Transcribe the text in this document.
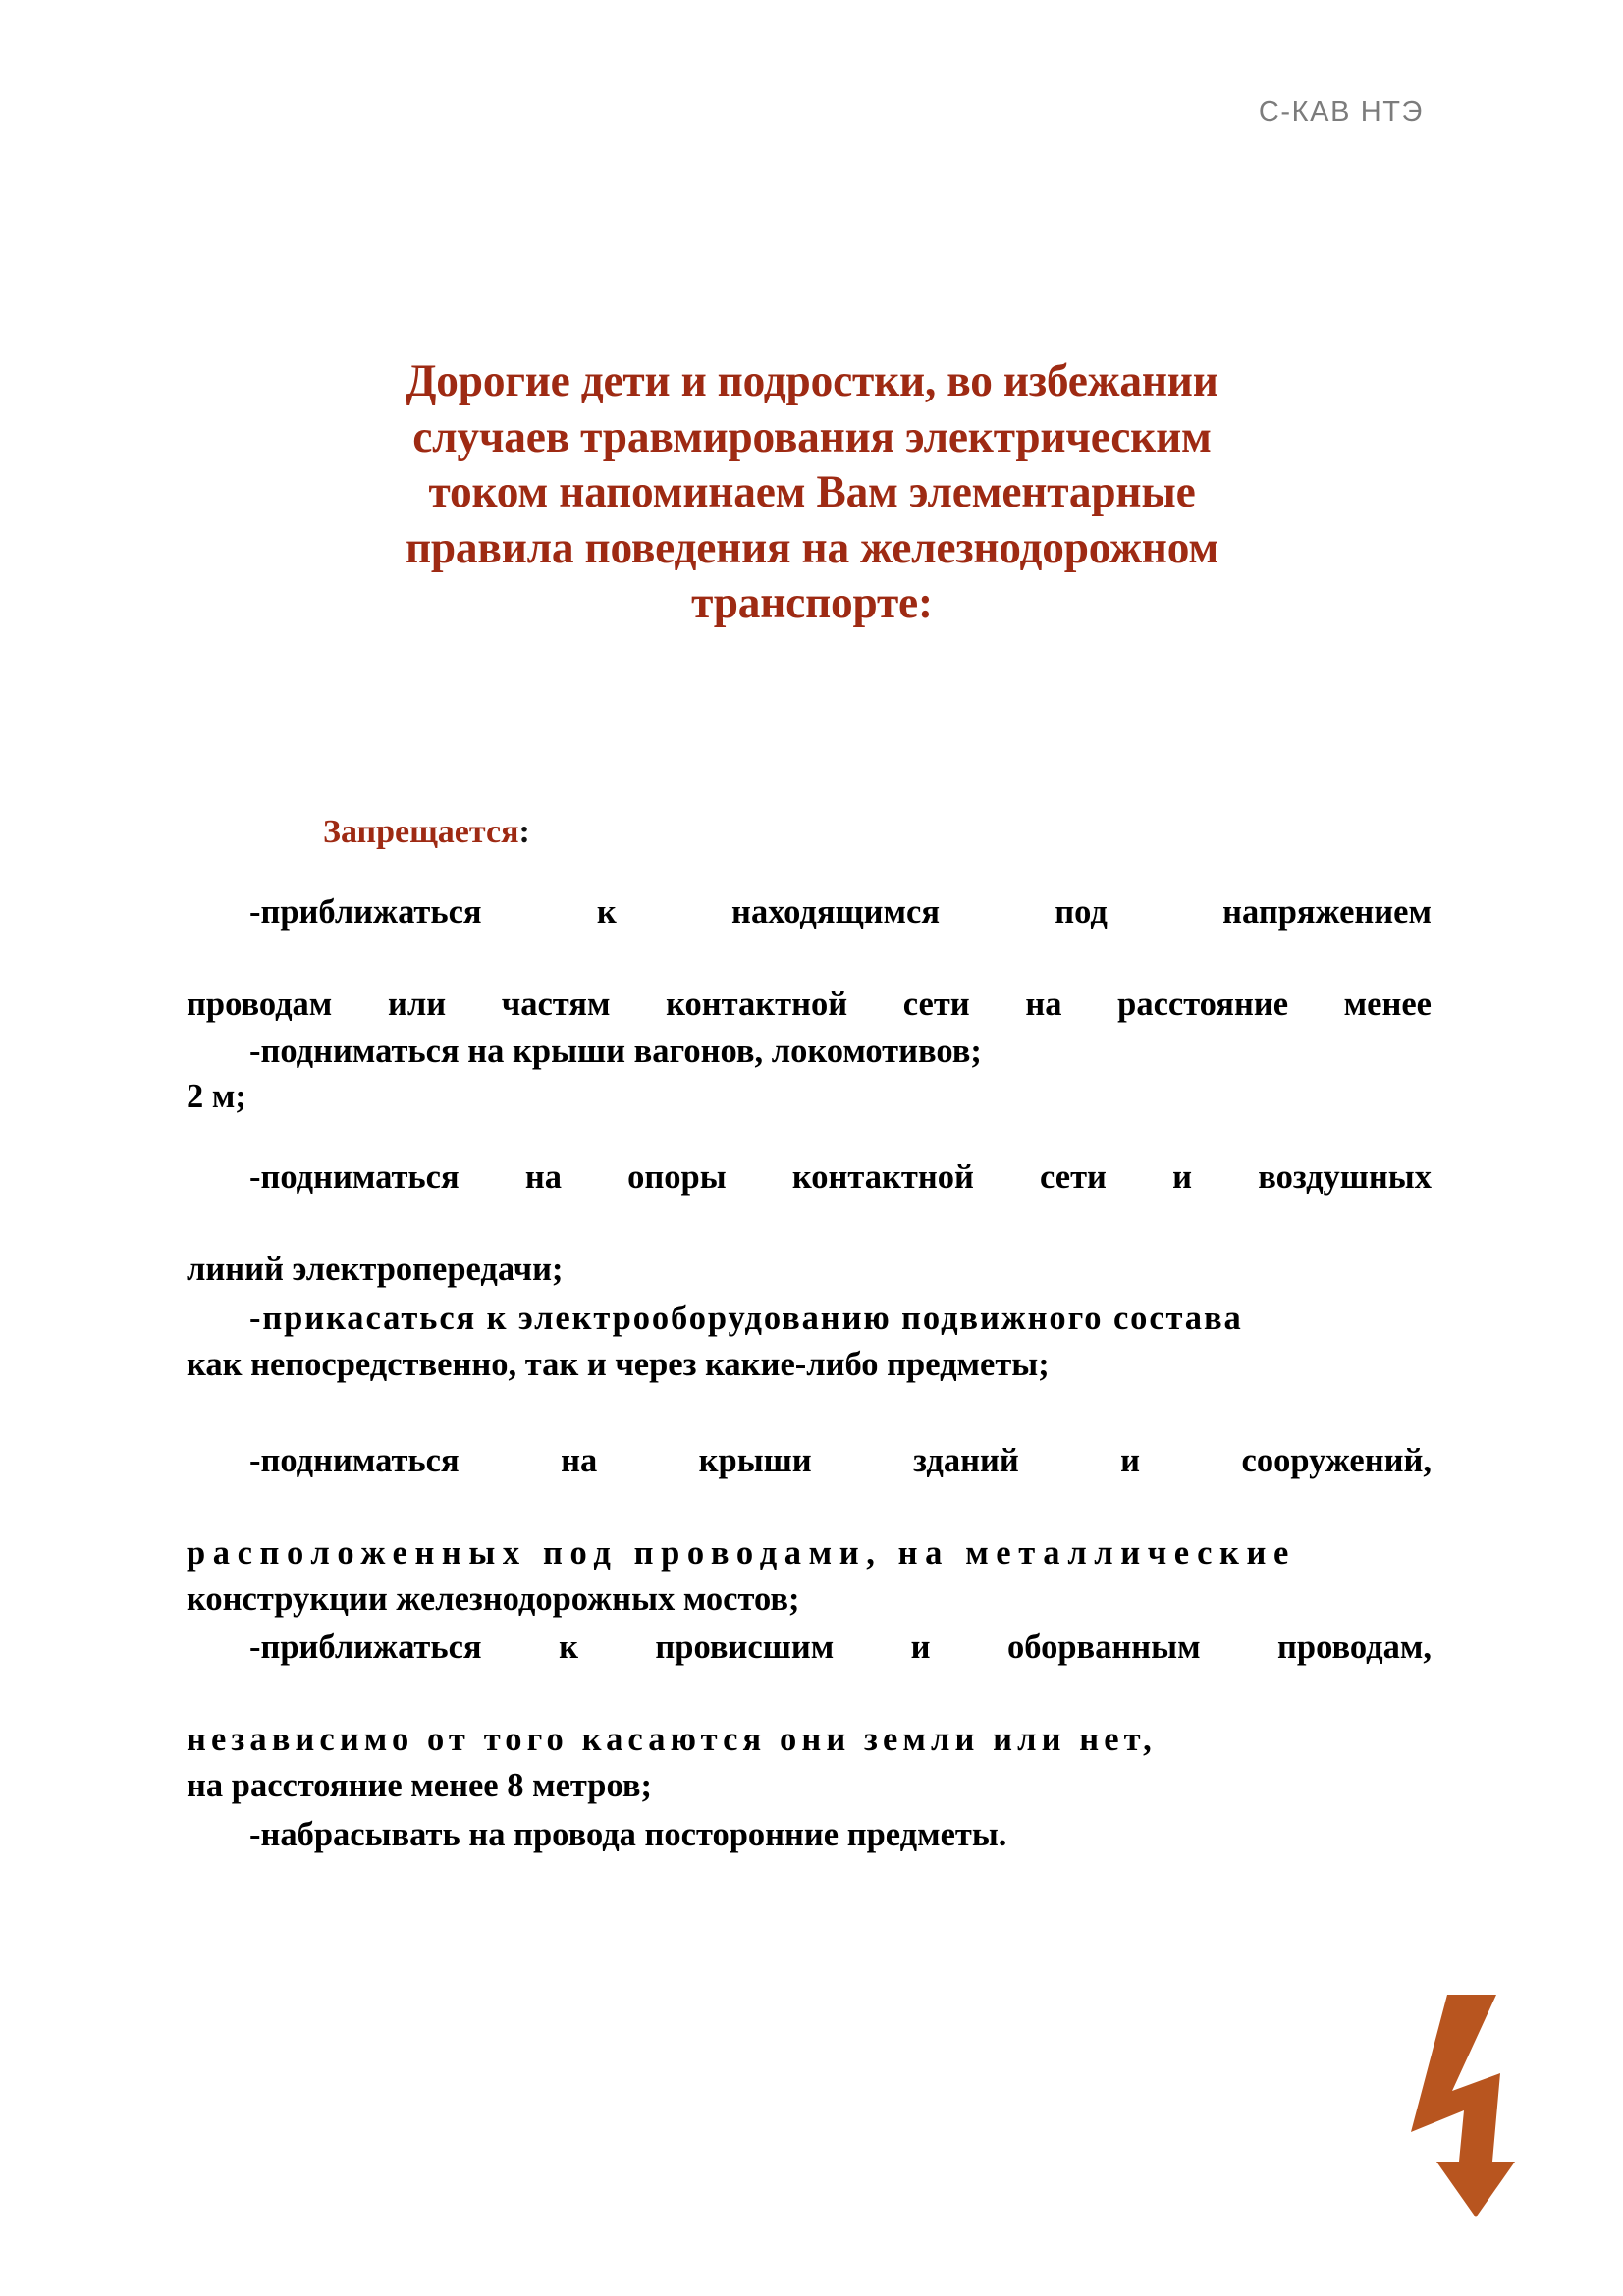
С-КАВ НТЭ
Дорогие дети и подростки, во избежании
случаев травмирования электрическим
током напоминаем Вам элементарные
правила поведения на железнодорожном
транспорте:
Запрещается:

-приближаться к находящимся под напряжением

проводам или частям контактной сети на расстояние менее

2 м;

-подниматься на крыши вагонов, локомотивов;

-подниматься на опоры контактной сети и воздушных

линий электропередачи;

-прикасаться к электрооборудованию подвижного состава

как непосредственно, так и через какие-либо предметы;

-подниматься на крыши зданий и сооружений,

расположенных под проводами, на металлические

конструкции железнодорожных мостов;

-приближаться к провисшим и оборванным проводам,

независимо от того касаются они земли или нет,

на расстояние менее 8 метров;

-набрасывать на провода посторонние предметы.
